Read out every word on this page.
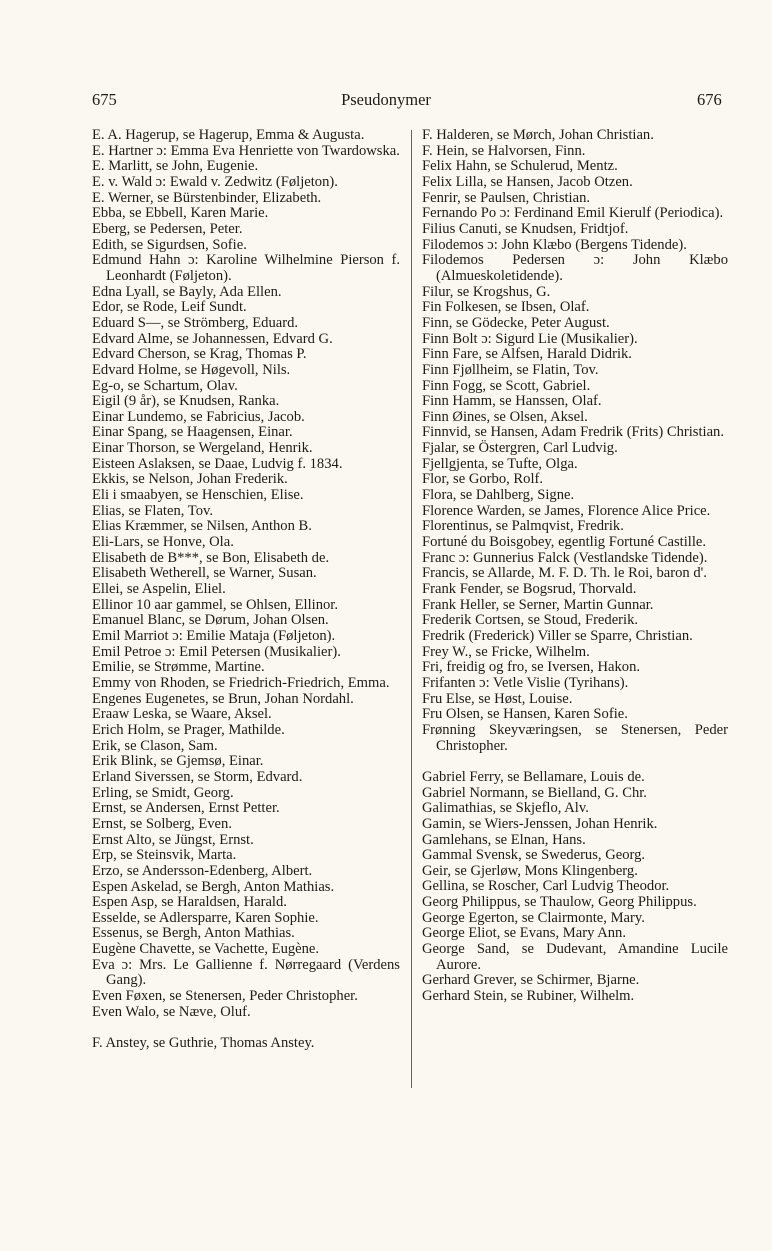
675	Pseudonymer	676
E. A. Hagerup, se Hagerup, Emma & Augusta.
E. Hartner ɔ: Emma Eva Henriette von Twardowska.
E. Marlitt, se John, Eugenie.
E. v. Wald ɔ: Ewald v. Zedwitz (Føljeton).
E. Werner, se Bürstenbinder, Elizabeth.
Ebba, se Ebbell, Karen Marie.
Eberg, se Pedersen, Peter.
Edith, se Sigurdsen, Sofie.
Edmund Hahn ɔ: Karoline Wilhelmine Pierson f. Leonhardt (Føljeton).
Edna Lyall, se Bayly, Ada Ellen.
Edor, se Rode, Leif Sundt.
Eduard S—, se Strömberg, Eduard.
Edvard Alme, se Johannessen, Edvard G.
Edvard Cherson, se Krag, Thomas P.
Edvard Holme, se Høgevoll, Nils.
Eg-o, se Schartum, Olav.
Eigil (9 år), se Knudsen, Ranka.
Einar Lundemo, se Fabricius, Jacob.
Einar Spang, se Haagensen, Einar.
Einar Thorson, se Wergeland, Henrik.
Eisteen Aslaksen, se Daae, Ludvig f. 1834.
Ekkis, se Nelson, Johan Frederik.
Eli i smaabyen, se Henschien, Elise.
Elias, se Flaten, Tov.
Elias Kræmmer, se Nilsen, Anthon B.
Eli-Lars, se Honve, Ola.
Elisabeth de B***, se Bon, Elisabeth de.
Elisabeth Wetherell, se Warner, Susan.
Ellei, se Aspelin, Eliel.
Ellinor 10 aar gammel, se Ohlsen, Ellinor.
Emanuel Blanc, se Dørum, Johan Olsen.
Emil Marriot ɔ: Emilie Mataja (Føljeton).
Emil Petroe ɔ: Emil Petersen (Musikalier).
Emilie, se Strømme, Martine.
Emmy von Rhoden, se Friedrich-Friedrich, Emma.
Engenes Eugenetes, se Brun, Johan Nordahl.
Eraaw Leska, se Waare, Aksel.
Erich Holm, se Prager, Mathilde.
Erik, se Clason, Sam.
Erik Blink, se Gjemsø, Einar.
Erland Siverssen, se Storm, Edvard.
Erling, se Smidt, Georg.
Ernst, se Andersen, Ernst Petter.
Ernst, se Solberg, Even.
Ernst Alto, se Jüngst, Ernst.
Erp, se Steinsvik, Marta.
Erzo, se Andersson-Edenberg, Albert.
Espen Askelad, se Bergh, Anton Mathias.
Espen Asp, se Haraldsen, Harald.
Esselde, se Adlersparre, Karen Sophie.
Essenus, se Bergh, Anton Mathias.
Eugène Chavette, se Vachette, Eugène.
Eva ɔ: Mrs. Le Gallienne f. Nørregaard (Verdens Gang).
Even Føxen, se Stenersen, Peder Christopher.
Even Walo, se Næve, Oluf.
F. Anstey, se Guthrie, Thomas Anstey.
F. Halderen, se Mørch, Johan Christian.
F. Hein, se Halvorsen, Finn.
Felix Hahn, se Schulerud, Mentz.
Felix Lilla, se Hansen, Jacob Otzen.
Fenrir, se Paulsen, Christian.
Fernando Po ɔ: Ferdinand Emil Kierulf (Periodica).
Filius Canuti, se Knudsen, Fridtjof.
Filodemos ɔ: John Klæbo (Bergens Tidende).
Filodemos Pedersen ɔ: John Klæbo (Almueskoletidende).
Filur, se Krogshus, G.
Fin Folkesen, se Ibsen, Olaf.
Finn, se Gödecke, Peter August.
Finn Bolt ɔ: Sigurd Lie (Musikalier).
Finn Fare, se Alfsen, Harald Didrik.
Finn Fjøllheim, se Flatin, Tov.
Finn Fogg, se Scott, Gabriel.
Finn Hamm, se Hanssen, Olaf.
Finn Øines, se Olsen, Aksel.
Finnvid, se Hansen, Adam Fredrik (Frits) Christian.
Fjalar, se Östergren, Carl Ludvig.
Fjellgjenta, se Tufte, Olga.
Flor, se Gorbo, Rolf.
Flora, se Dahlberg, Signe.
Florence Warden, se James, Florence Alice Price.
Florentinus, se Palmqvist, Fredrik.
Fortuné du Boisgobey, egentlig Fortuné Castille.
Franc ɔ: Gunnerius Falck (Vestlandske Tidende).
Francis, se Allarde, M. F. D. Th. le Roi, baron d'.
Frank Fender, se Bogsrud, Thorvald.
Frank Heller, se Serner, Martin Gunnar.
Frederik Cortsen, se Stoud, Frederik.
Fredrik (Frederick) Viller se Sparre, Christian.
Frey W., se Fricke, Wilhelm.
Fri, freidig og fro, se Iversen, Hakon.
Frifanten ɔ: Vetle Vislie (Tyrihans).
Fru Else, se Høst, Louise.
Fru Olsen, se Hansen, Karen Sofie.
Frønning Skeyværingsen, se Stenersen, Peder Christopher.
Gabriel Ferry, se Bellamare, Louis de.
Gabriel Normann, se Bielland, G. Chr.
Galimathias, se Skjeflo, Alv.
Gamin, se Wiers-Jenssen, Johan Henrik.
Gamlehans, se Elnan, Hans.
Gammal Svensk, se Swederus, Georg.
Geir, se Gjerløw, Mons Klingenberg.
Gellina, se Roscher, Carl Ludvig Theodor.
Georg Philippus, se Thaulow, Georg Philippus.
George Egerton, se Clairmonte, Mary.
George Eliot, se Evans, Mary Ann.
George Sand, se Dudevant, Amandine Lucile Aurore.
Gerhard Grever, se Schirmer, Bjarne.
Gerhard Stein, se Rubiner, Wilhelm.
